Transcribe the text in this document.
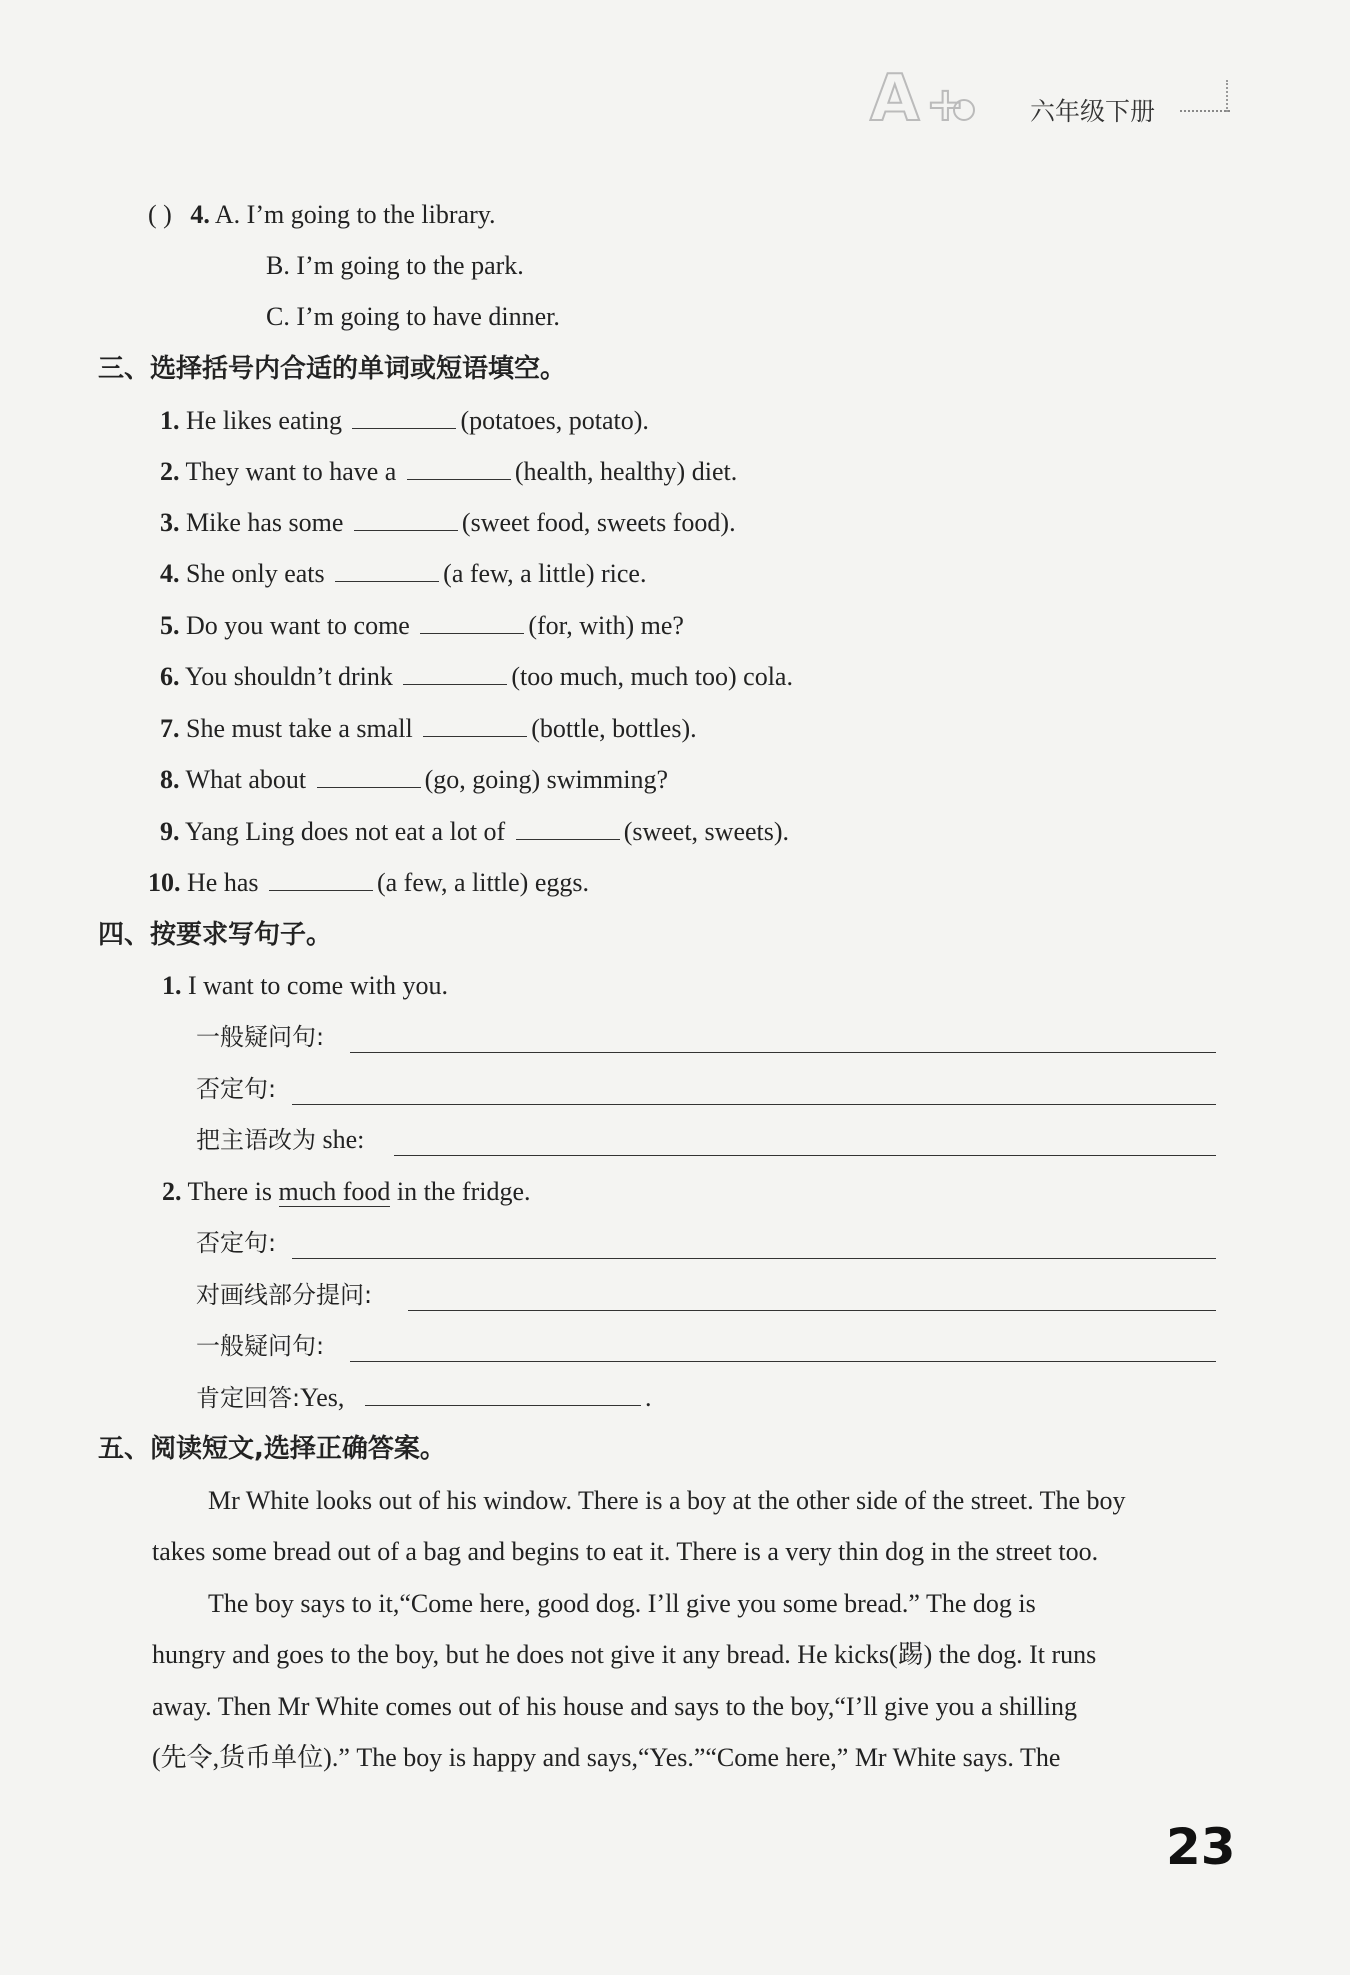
A +	六年级下册
( ) 4. A. I’m going to the library.
B. I’m going to the park.
C. I’m going to have dinner.
三、选择括号内合适的单词或短语填空。
1. He likes eating	(potatoes, potato).
2. They want to have a	(health, healthy) diet.
3. Mike has some	(sweet food, sweets food).
4. She only eats	(a few, a little) rice.
5. Do you want to come	(for, with) me?
6. You shouldn’t drink	(too much, much too) cola.
7. She must take a small	(bottle, bottles).
8. What about	(go, going) swimming?
9. Yang Ling does not eat a lot of	(sweet, sweets).
10. He has	(a few, a little) eggs.
四、按要求写句子。
1. I want to come with you.
一般疑问句:
否定句:
把主语改为 she:
2. There is much food in the fridge.
否定句:
对画线部分提问:
一般疑问句:
肯定回答:Yes,	.
五、阅读短文,选择正确答案。
Mr White looks out of his window. There is a boy at the other side of the street. The boy
takes some bread out of a bag and begins to eat it. There is a very thin dog in the street too.
The boy says to it,“Come here, good dog. I’ll give you some bread.” The dog is
hungry and goes to the boy, but he does not give it any bread. He kicks(踢) the dog. It runs
away. Then Mr White comes out of his house and says to the boy,“I’ll give you a shilling
(先令,货币单位).” The boy is happy and says,“Yes.”“Come here,” Mr White says. The
23
